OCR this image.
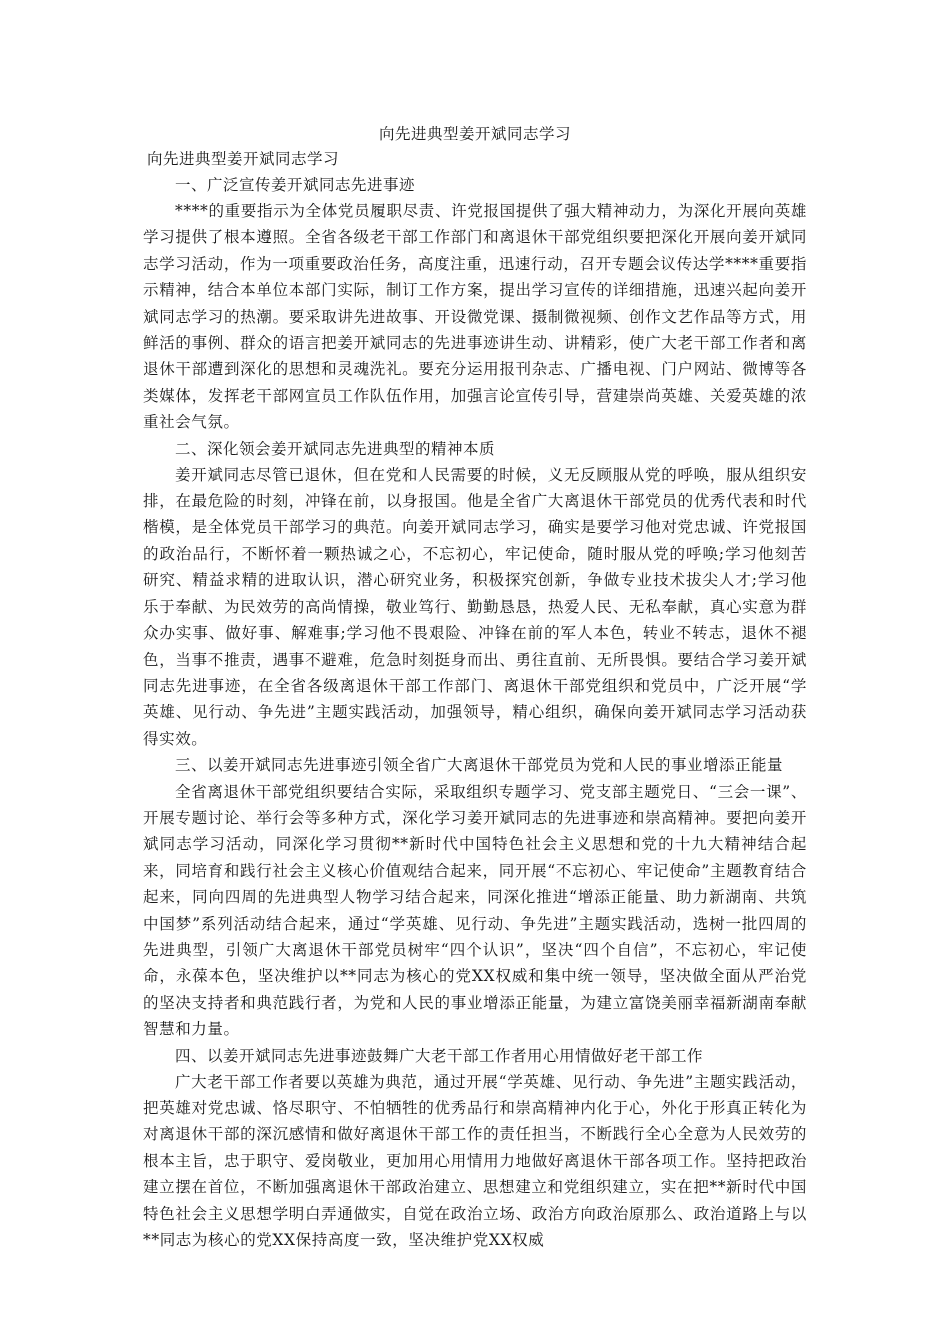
向先进典型姜开斌同志学习

向先进典型姜开斌同志学习

一、广泛宣传姜开斌同志先进事迹

****的重要指示为全体党员履职尽责、许党报国提供了强大精神动力，为深化开展向英雄学习提供了根本遵照。全省各级老干部工作部门和离退休干部党组织要把深化开展向姜开斌同志学习活动，作为一项重要政治任务，高度注重，迅速行动，召开专题会议传达学****重要指示精神，结合本单位本部门实际，制订工作方案，提出学习宣传的详细措施，迅速兴起向姜开斌同志学习的热潮。要采取讲先进故事、开设微党课、摄制微视频、创作文艺作品等方式，用鲜活的事例、群众的语言把姜开斌同志的先进事迹讲生动、讲精彩，使广大老干部工作者和离退休干部遭到深化的思想和灵魂洗礼。要充分运用报刊杂志、广播电视、门户网站、微博等各类媒体，发挥老干部网宣员工作队伍作用，加强言论宣传引导，营建崇尚英雄、关爱英雄的浓重社会气氛。

二、深化领会姜开斌同志先进典型的精神本质

姜开斌同志尽管已退休，但在党和人民需要的时候，义无反顾服从党的呼唤，服从组织安排，在最危险的时刻，冲锋在前，以身报国。他是全省广大离退休干部党员的优秀代表和时代楷模，是全体党员干部学习的典范。向姜开斌同志学习，确实是要学习他对党忠诚、许党报国的政治品行，不断怀着一颗热诚之心，不忘初心，牢记使命，随时服从党的呼唤;学习他刻苦研究、精益求精的进取认识，潜心研究业务，积极探究创新，争做专业技术拔尖人才;学习他乐于奉献、为民效劳的高尚情操，敬业笃行、勤勤恳恳，热爱人民、无私奉献，真心实意为群众办实事、做好事、解难事;学习他不畏艰险、冲锋在前的军人本色，转业不转志，退休不褪色，当事不推责，遇事不避难，危急时刻挺身而出、勇往直前、无所畏惧。要结合学习姜开斌同志先进事迹，在全省各级离退休干部工作部门、离退休干部党组织和党员中，广泛开展“学英雄、见行动、争先进”主题实践活动，加强领导，精心组织，确保向姜开斌同志学习活动获得实效。

三、以姜开斌同志先进事迹引领全省广大离退休干部党员为党和人民的事业增添正能量

全省离退休干部党组织要结合实际，采取组织专题学习、党支部主题党日、“三会一课”、开展专题讨论、举行会等多种方式，深化学习姜开斌同志的先进事迹和崇高精神。要把向姜开斌同志学习活动，同深化学习贯彻**新时代中国特色社会主义思想和党的十九大精神结合起来，同培育和践行社会主义核心价值观结合起来，同开展“不忘初心、牢记使命”主题教育结合起来，同向四周的先进典型人物学习结合起来，同深化推进“增添正能量、助力新湖南、共筑中国梦”系列活动结合起来，通过“学英雄、见行动、争先进”主题实践活动，选树一批四周的先进典型，引领广大离退休干部党员树牢“四个认识”，坚决“四个自信”，不忘初心，牢记使命，永葆本色，坚决维护以**同志为核心的党XX权威和集中统一领导，坚决做全面从严治党的坚决支持者和典范践行者，为党和人民的事业增添正能量，为建立富饶美丽幸福新湖南奉献智慧和力量。

四、以姜开斌同志先进事迹鼓舞广大老干部工作者用心用情做好老干部工作

广大老干部工作者要以英雄为典范，通过开展“学英雄、见行动、争先进”主题实践活动，把英雄对党忠诚、恪尽职守、不怕牺牲的优秀品行和崇高精神内化于心，外化于形真正转化为对离退休干部的深沉感情和做好离退休干部工作的责任担当，不断践行全心全意为人民效劳的根本主旨，忠于职守、爱岗敬业，更加用心用情用力地做好离退休干部各项工作。坚持把政治建立摆在首位，不断加强离退休干部政治建立、思想建立和党组织建立，实在把**新时代中国特色社会主义思想学明白弄通做实，自觉在政治立场、政治方向政治原那么、政治道路上与以**同志为核心的党XX保持高度一致，坚决维护党XX权威
